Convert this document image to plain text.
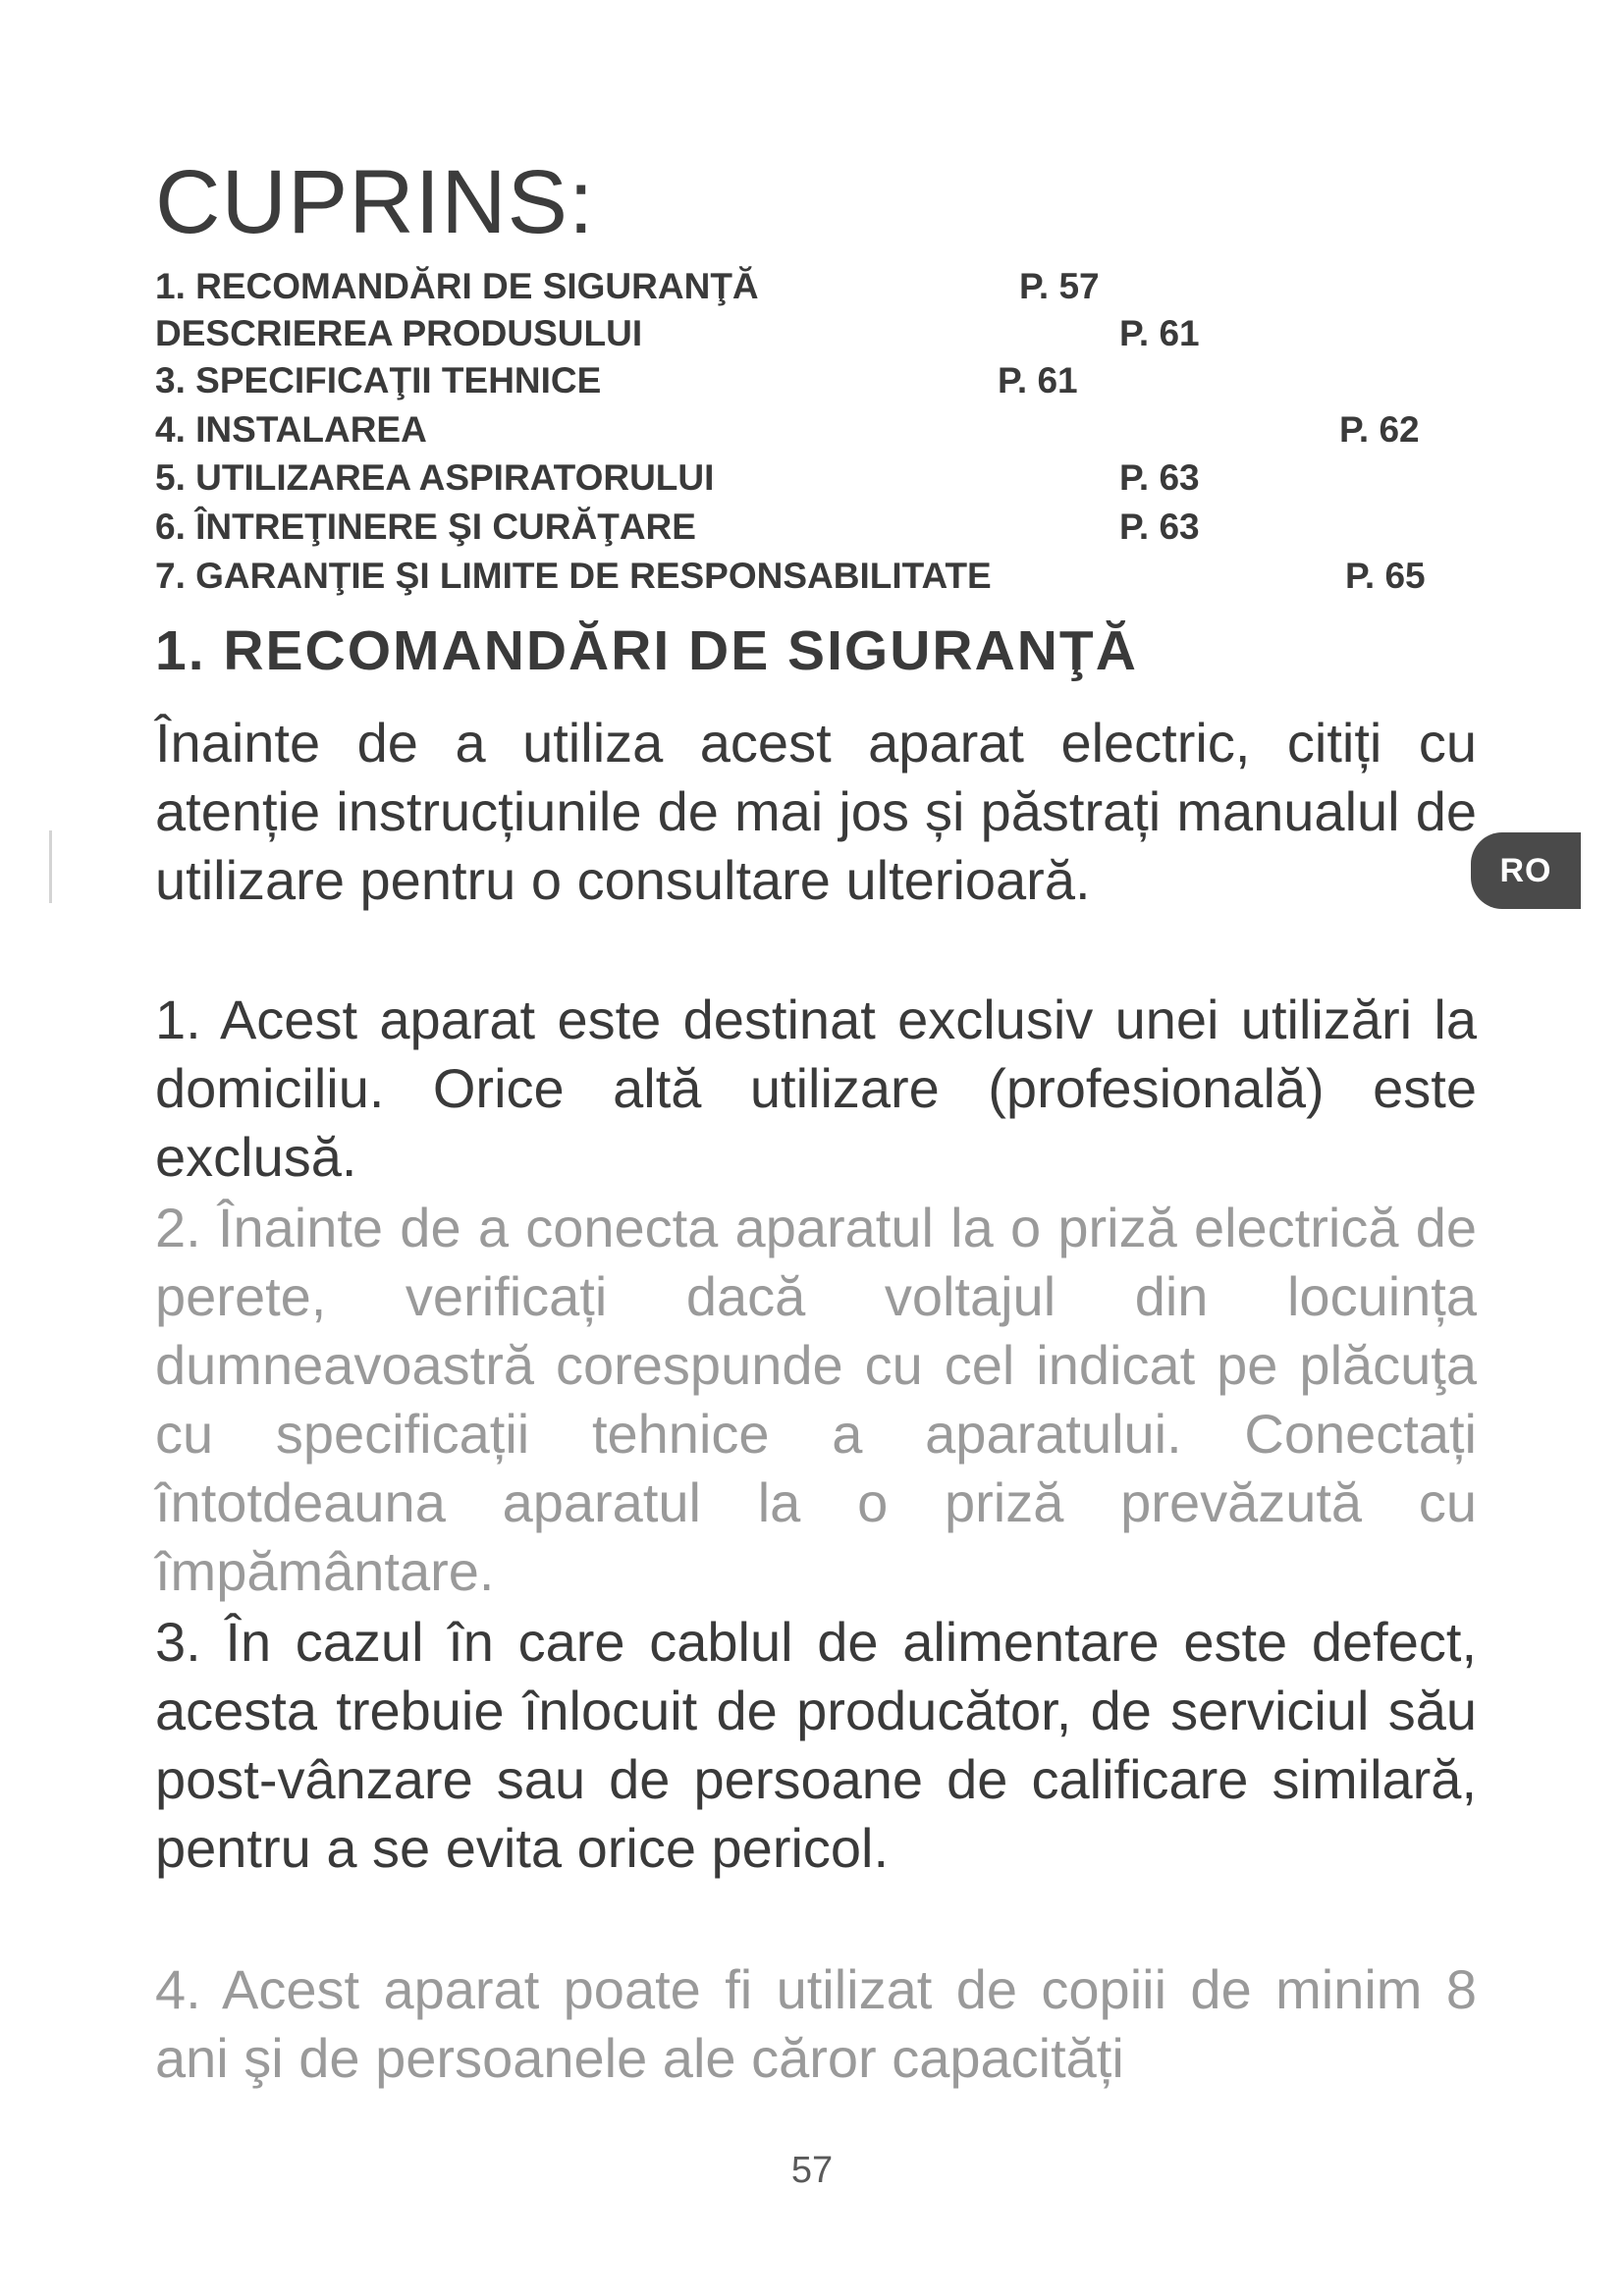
CUPRINS:
1. RECOMANDĂRI DE SIGURANŢĂ	P. 57
DESCRIEREA PRODUSULUI	P. 61
3. SPECIFICAŢII TEHNICE	P. 61
4. INSTALAREA	P. 62
5. UTILIZAREA ASPIRATORULUI	P. 63
6. ÎNTREŢINERE ŞI CURĂŢARE	P. 63
7. GARANŢIE ŞI LIMITE DE RESPONSABILITATE	P. 65
1. RECOMANDĂRI DE SIGURANŢĂ

Înainte de a utiliza acest aparat electric, citiți cu atenție instrucțiunile de mai jos și păstrați manualul de utilizare pentru o consultare ulterioară.

1. Acest aparat este destinat exclusiv unei utilizări la domiciliu. Orice altă utilizare (profesională) este exclusă.

2. Înainte de a conecta aparatul la o priză electrică de perete, verificați dacă voltajul din locuința dumneavoastră corespunde cu cel indicat pe plăcuţa cu specificații tehnice a aparatului. Conectați întotdeauna aparatul la o priză prevăzută cu împământare.

3. În cazul în care cablul de alimentare este defect, acesta trebuie înlocuit de producător, de serviciul său post-vânzare sau de persoane de calificare similară, pentru a se evita orice pericol.

4. Acest aparat poate fi utilizat de copiii de minim 8 ani şi de persoanele ale căror capacități

RO
57
